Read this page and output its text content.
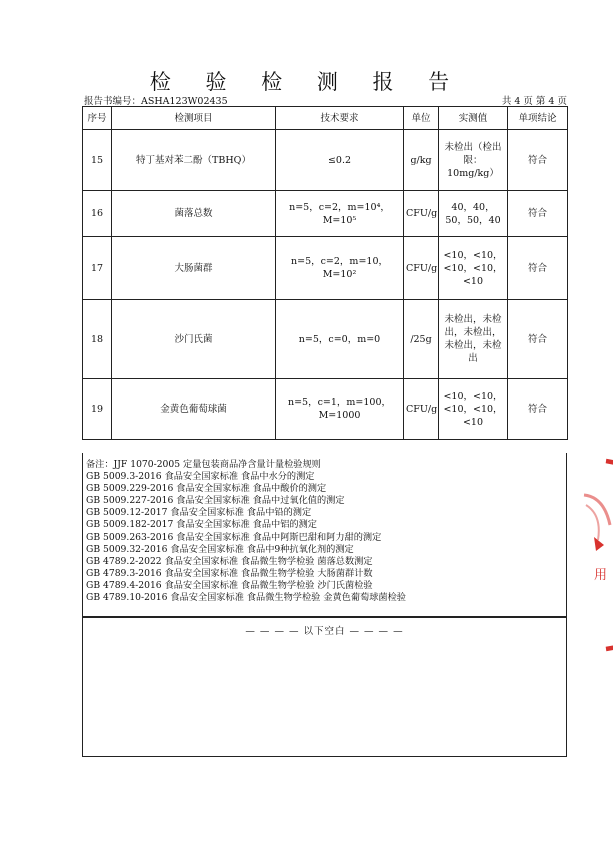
检 验 检 测 报 告
报告书编号：ASHA123W02435	共 4 页 第 4 页
序号	检测项目	技术要求	单位	实测值	单项结论
15	特丁基对苯二酚（TBHQ）	≤0.2	g/kg	未检出（检出限：10mg/kg）	符合
16	菌落总数	n=5，c=2，m=10⁴，M=10⁵	CFU/g	40，40，50，50，40	符合
17	大肠菌群	n=5，c=2，m=10，M=10²	CFU/g	<10，<10，<10，<10，<10	符合
18	沙门氏菌	n=5，c=0，m=0	/25g	未检出，未检出，未检出，未检出，未检出	符合
19	金黄色葡萄球菌	n=5，c=1，m=100，M=1000	CFU/g	<10，<10，<10，<10，<10	符合
备注：JJF 1070-2005 定量包装商品净含量计量检验规则
GB 5009.3-2016 食品安全国家标准 食品中水分的测定
GB 5009.229-2016 食品安全国家标准 食品中酸价的测定
GB 5009.227-2016 食品安全国家标准 食品中过氧化值的测定
GB 5009.12-2017 食品安全国家标准 食品中铅的测定
GB 5009.182-2017 食品安全国家标准 食品中铝的测定
GB 5009.263-2016 食品安全国家标准 食品中阿斯巴甜和阿力甜的测定
GB 5009.32-2016 食品安全国家标准 食品中9种抗氧化剂的测定
GB 4789.2-2022 食品安全国家标准 食品微生物学检验 菌落总数测定
GB 4789.3-2016 食品安全国家标准 食品微生物学检验 大肠菌群计数
GB 4789.4-2016 食品安全国家标准 食品微生物学检验 沙门氏菌检验
GB 4789.10-2016 食品安全国家标准 食品微生物学检验 金黄色葡萄球菌检验
— — — — 以下空白 — — — —
用
